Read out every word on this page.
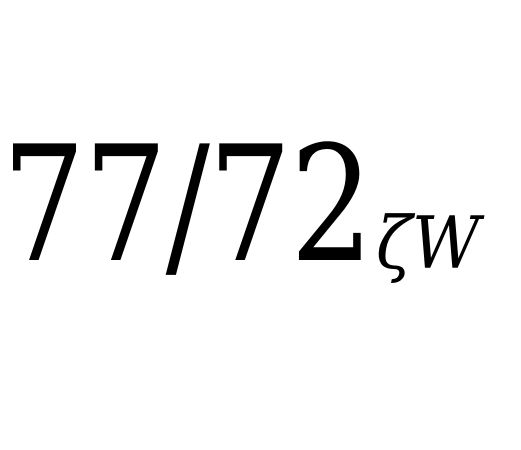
77/72 ζW
